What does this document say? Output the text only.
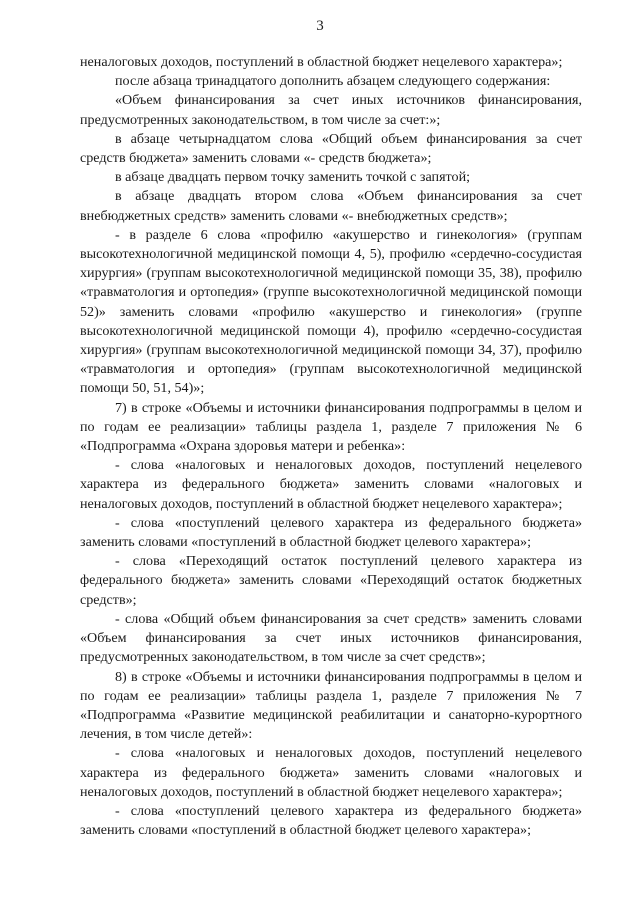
3

неналоговых доходов, поступлений в областной бюджет нецелевого характера»;

после абзаца тринадцатого дополнить абзацем следующего содержания:

«Объем финансирования за счет иных источников финансирования, предусмотренных законодательством, в том числе за счет:»;

в абзаце четырнадцатом слова «Общий объем финансирования за счет средств бюджета» заменить словами «- средств бюджета»;

в абзаце двадцать первом точку заменить точкой с запятой;

в абзаце двадцать втором слова «Объем финансирования за счет внебюджетных средств» заменить словами «- внебюджетных средств»;

- в разделе 6 слова «профилю «акушерство и гинекология» (группам высокотехнологичной медицинской помощи 4, 5), профилю «сердечно-сосудистая хирургия» (группам высокотехнологичной медицинской помощи 35, 38), профилю «травматология и ортопедия» (группе высокотехнологичной медицинской помощи 52)» заменить словами «профилю «акушерство и гинекология» (группе высокотехнологичной медицинской помощи 4), профилю «сердечно-сосудистая хирургия» (группам высокотехнологичной медицинской помощи 34, 37), профилю «травматология и ортопедия» (группам высокотехнологичной медицинской помощи 50, 51, 54)»;

7) в строке «Объемы и источники финансирования подпрограммы в целом и по годам ее реализации» таблицы раздела 1, разделе 7 приложения № 6 «Подпрограмма «Охрана здоровья матери и ребенка»:

- слова «налоговых и неналоговых доходов, поступлений нецелевого характера из федерального бюджета» заменить словами «налоговых и неналоговых доходов, поступлений в областной бюджет нецелевого характера»;

- слова «поступлений целевого характера из федерального бюджета» заменить словами «поступлений в областной бюджет целевого характера»;

- слова «Переходящий остаток поступлений целевого характера из федерального бюджета» заменить словами «Переходящий остаток бюджетных средств»;

- слова «Общий объем финансирования за счет средств» заменить словами «Объем финансирования за счет иных источников финансирования, предусмотренных законодательством, в том числе за счет средств»;

8) в строке «Объемы и источники финансирования подпрограммы в целом и по годам ее реализации» таблицы раздела 1, разделе 7 приложения № 7 «Подпрограмма «Развитие медицинской реабилитации и санаторно-курортного лечения, в том числе детей»:

- слова «налоговых и неналоговых доходов, поступлений нецелевого характера из федерального бюджета» заменить словами «налоговых и неналоговых доходов, поступлений в областной бюджет нецелевого характера»;

- слова «поступлений целевого характера из федерального бюджета» заменить словами «поступлений в областной бюджет целевого характера»;
